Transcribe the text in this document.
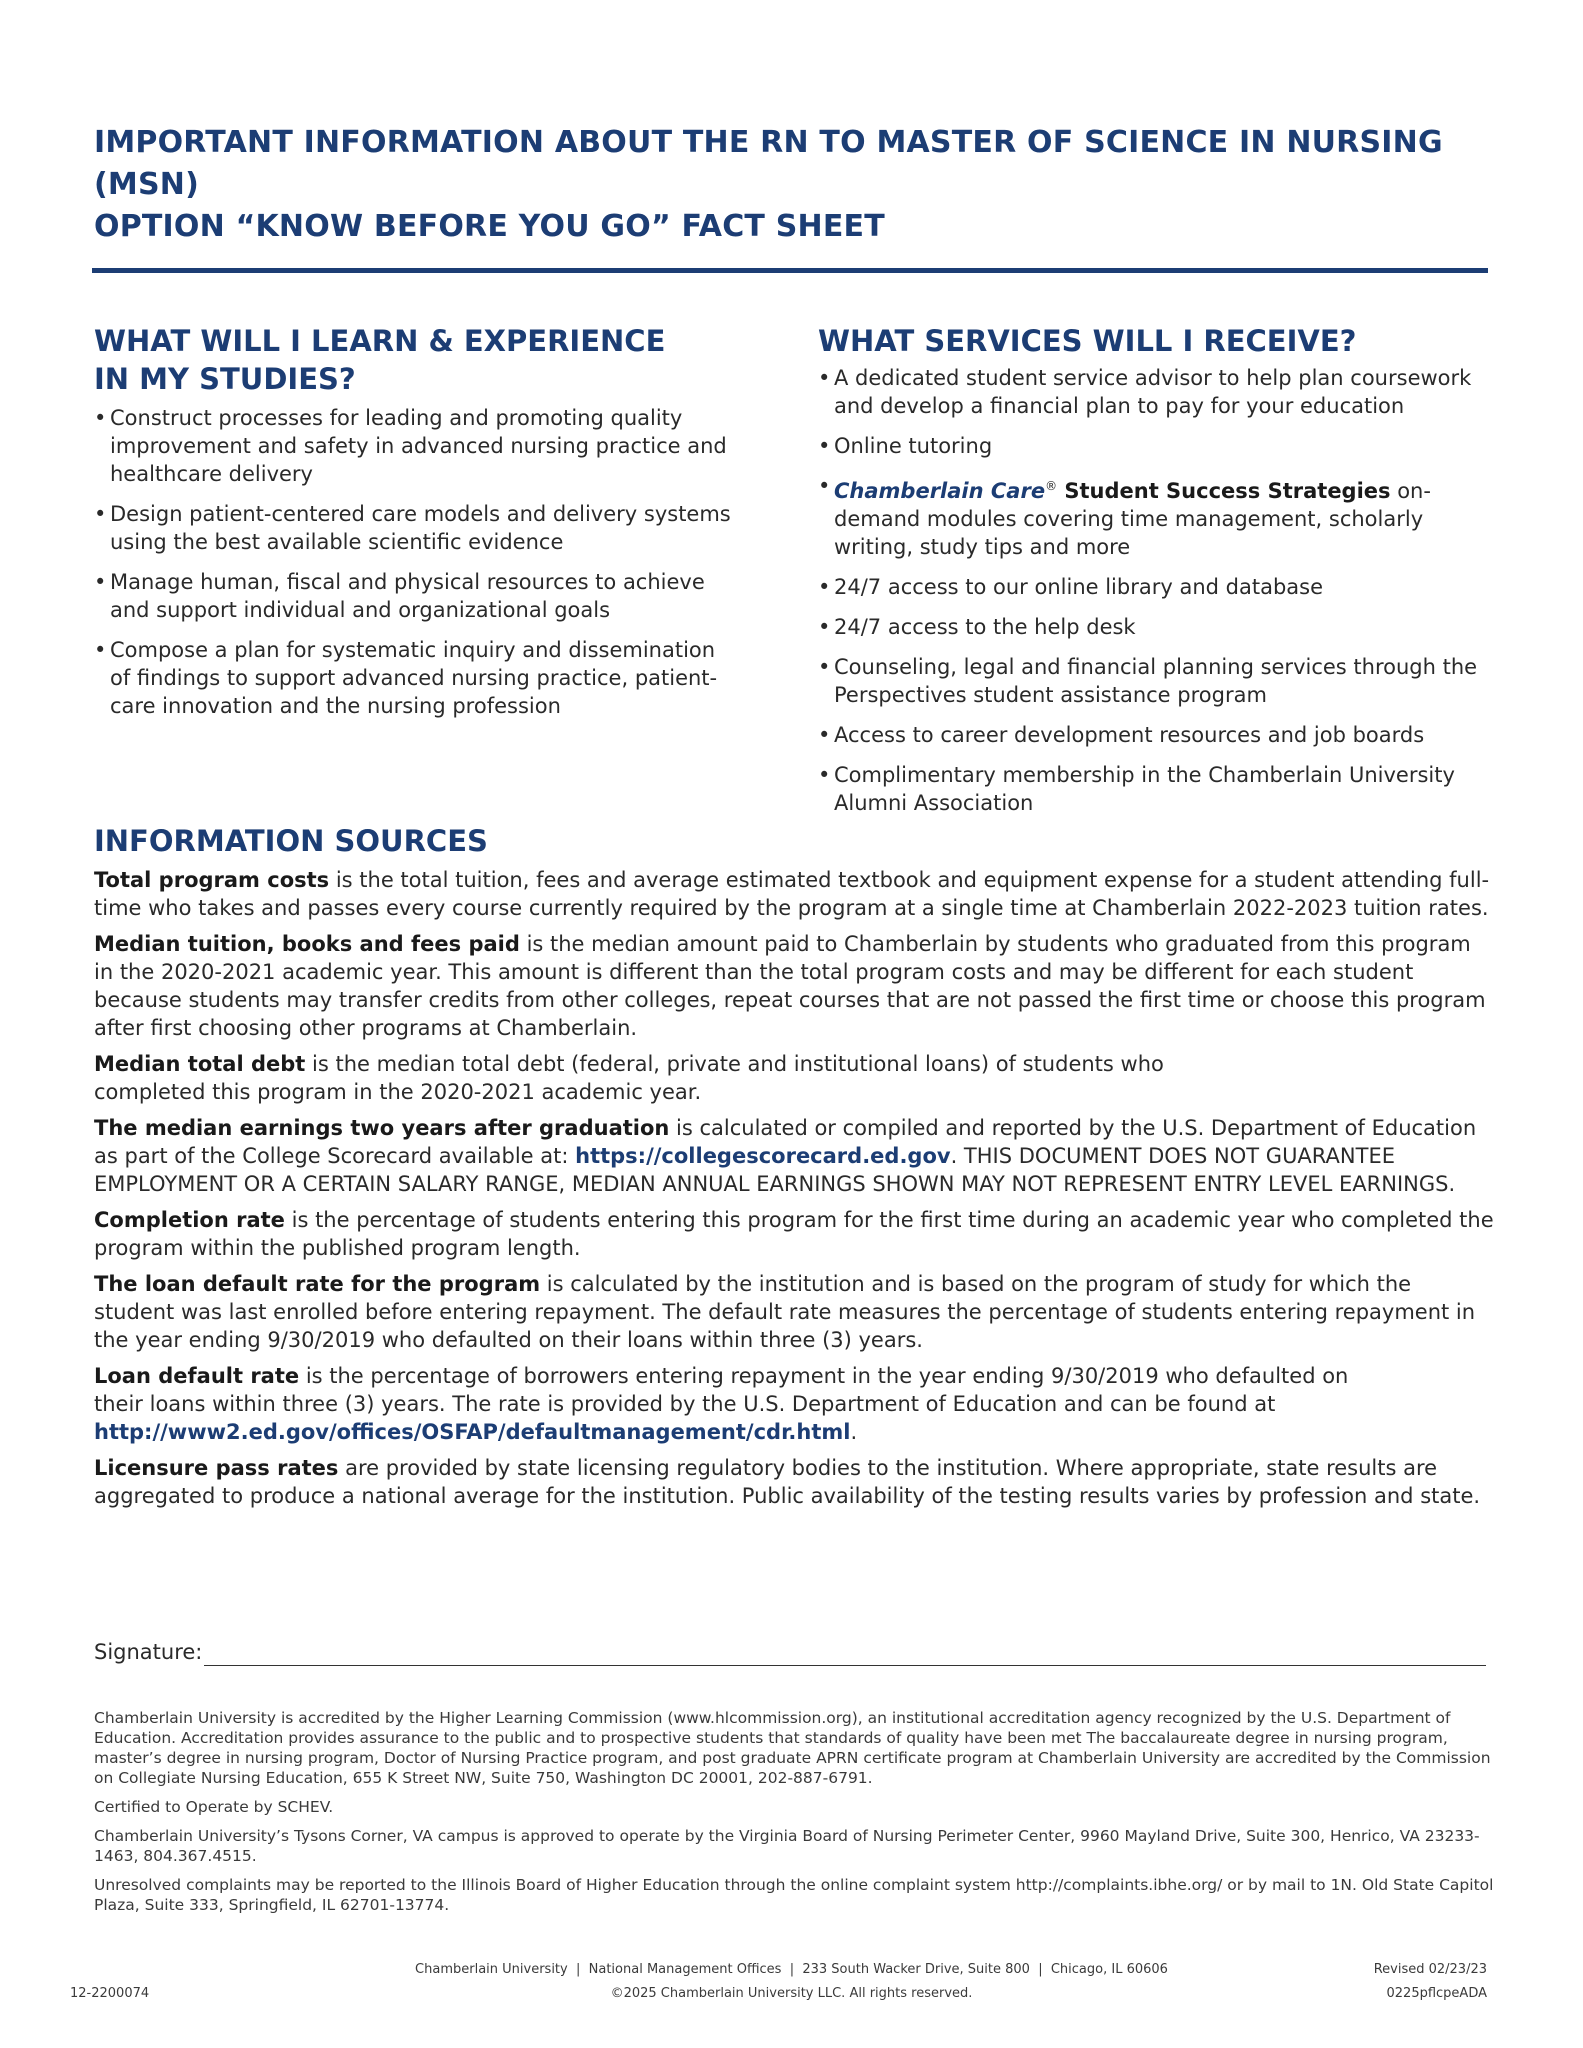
IMPORTANT INFORMATION ABOUT THE RN TO MASTER OF SCIENCE IN NURSING (MSN)
OPTION “KNOW BEFORE YOU GO” FACT SHEET
WHAT WILL I LEARN & EXPERIENCE
IN MY STUDIES?
• Construct processes for leading and promoting quality improvement and safety in advanced nursing practice and healthcare delivery
• Design patient-centered care models and delivery systems using the best available scientific evidence
• Manage human, fiscal and physical resources to achieve and support individual and organizational goals
• Compose a plan for systematic inquiry and dissemination of findings to support advanced nursing practice, patient-care innovation and the nursing profession
WHAT SERVICES WILL I RECEIVE?
• A dedicated student service advisor to help plan coursework and develop a financial plan to pay for your education
• Online tutoring
• Chamberlain Care® Student Success Strategies on-demand modules covering time management, scholarly writing, study tips and more
• 24/7 access to our online library and database
• 24/7 access to the help desk
• Counseling, legal and financial planning services through the Perspectives student assistance program
• Access to career development resources and job boards
• Complimentary membership in the Chamberlain University Alumni Association
INFORMATION SOURCES

Total program costs is the total tuition, fees and average estimated textbook and equipment expense for a student attending full-time who takes and passes every course currently required by the program at a single time at Chamberlain 2022-2023 tuition rates.

Median tuition, books and fees paid is the median amount paid to Chamberlain by students who graduated from this program in the 2020-2021 academic year. This amount is different than the total program costs and may be different for each student because students may transfer credits from other colleges, repeat courses that are not passed the first time or choose this program after first choosing other programs at Chamberlain.

Median total debt is the median total debt (federal, private and institutional loans) of students who completed this program in the 2020-2021 academic year.

The median earnings two years after graduation is calculated or compiled and reported by the U.S. Department of Education as part of the College Scorecard available at: https://collegescorecard.ed.gov. THIS DOCUMENT DOES NOT GUARANTEE EMPLOYMENT OR A CERTAIN SALARY RANGE, MEDIAN ANNUAL EARNINGS SHOWN MAY NOT REPRESENT ENTRY LEVEL EARNINGS.

Completion rate is the percentage of students entering this program for the first time during an academic year who completed the program within the published program length.

The loan default rate for the program is calculated by the institution and is based on the program of study for which the student was last enrolled before entering repayment. The default rate measures the percentage of students entering repayment in the year ending 9/30/2019 who defaulted on their loans within three (3) years.

Loan default rate is the percentage of borrowers entering repayment in the year ending 9/30/2019 who defaulted on their loans within three (3) years. The rate is provided by the U.S. Department of Education and can be found at http://www2.ed.gov/offices/OSFAP/defaultmanagement/cdr.html.

Licensure pass rates are provided by state licensing regulatory bodies to the institution. Where appropriate, state results are aggregated to produce a national average for the institution. Public availability of the testing results varies by profession and state.

Signature:

Chamberlain University is accredited by the Higher Learning Commission (www.hlcommission.org), an institutional accreditation agency recognized by the U.S. Department of Education. Accreditation provides assurance to the public and to prospective students that standards of quality have been met The baccalaureate degree in nursing program, master’s degree in nursing program, Doctor of Nursing Practice program, and post graduate APRN certificate program at Chamberlain University are accredited by the Commission on Collegiate Nursing Education, 655 K Street NW, Suite 750, Washington DC 20001, 202-887-6791.

Certified to Operate by SCHEV.

Chamberlain University’s Tysons Corner, VA campus is approved to operate by the Virginia Board of Nursing Perimeter Center, 9960 Mayland Drive, Suite 300, Henrico, VA 23233-1463, 804.367.4515.

Unresolved complaints may be reported to the Illinois Board of Higher Education through the online complaint system http://complaints.ibhe.org/ or by mail to 1N. Old State Capitol Plaza, Suite 333, Springfield, IL 62701-13774.

Chamberlain University  |  National Management Offices  |  233 South Wacker Drive, Suite 800  |  Chicago, IL 60606
©2025 Chamberlain University LLC. All rights reserved.
Revised 02/23/23
0225pflcpeADA
12-2200074
